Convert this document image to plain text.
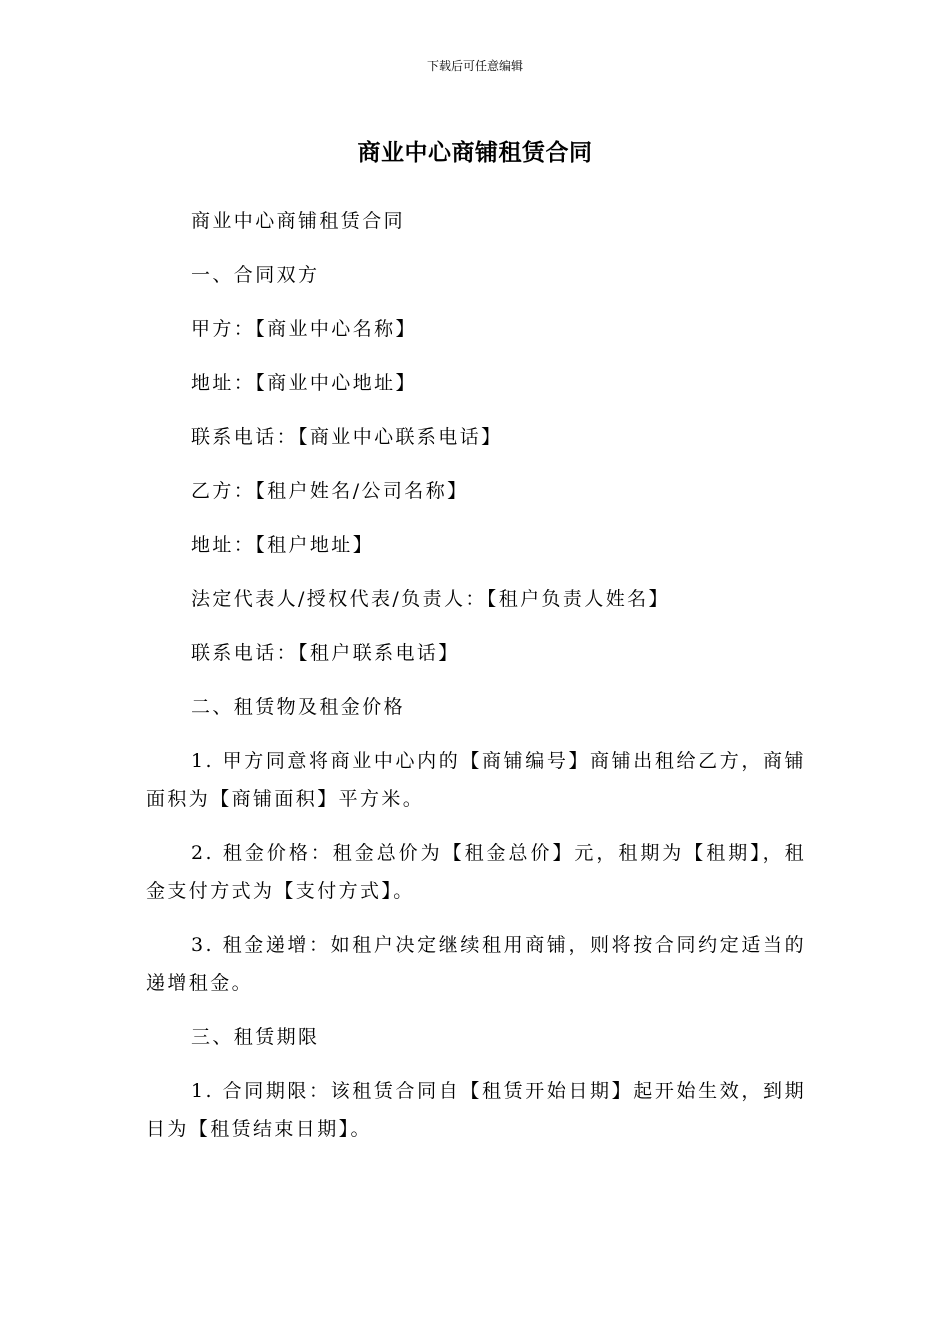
下载后可任意编辑
商业中心商铺租赁合同

商业中心商铺租赁合同

一、合同双方

甲方：【商业中心名称】

地址：【商业中心地址】

联系电话：【商业中心联系电话】

乙方：【租户姓名/公司名称】

地址：【租户地址】

法定代表人/授权代表/负责人：【租户负责人姓名】

联系电话：【租户联系电话】

二、租赁物及租金价格

1. 甲方同意将商业中心内的【商铺编号】商铺出租给乙方，商铺面积为【商铺面积】平方米。

2. 租金价格：租金总价为【租金总价】元，租期为【租期】，租金支付方式为【支付方式】。

3. 租金递增：如租户决定继续租用商铺，则将按合同约定适当的递增租金。

三、租赁期限

1. 合同期限：该租赁合同自【租赁开始日期】起开始生效，到期日为【租赁结束日期】。
